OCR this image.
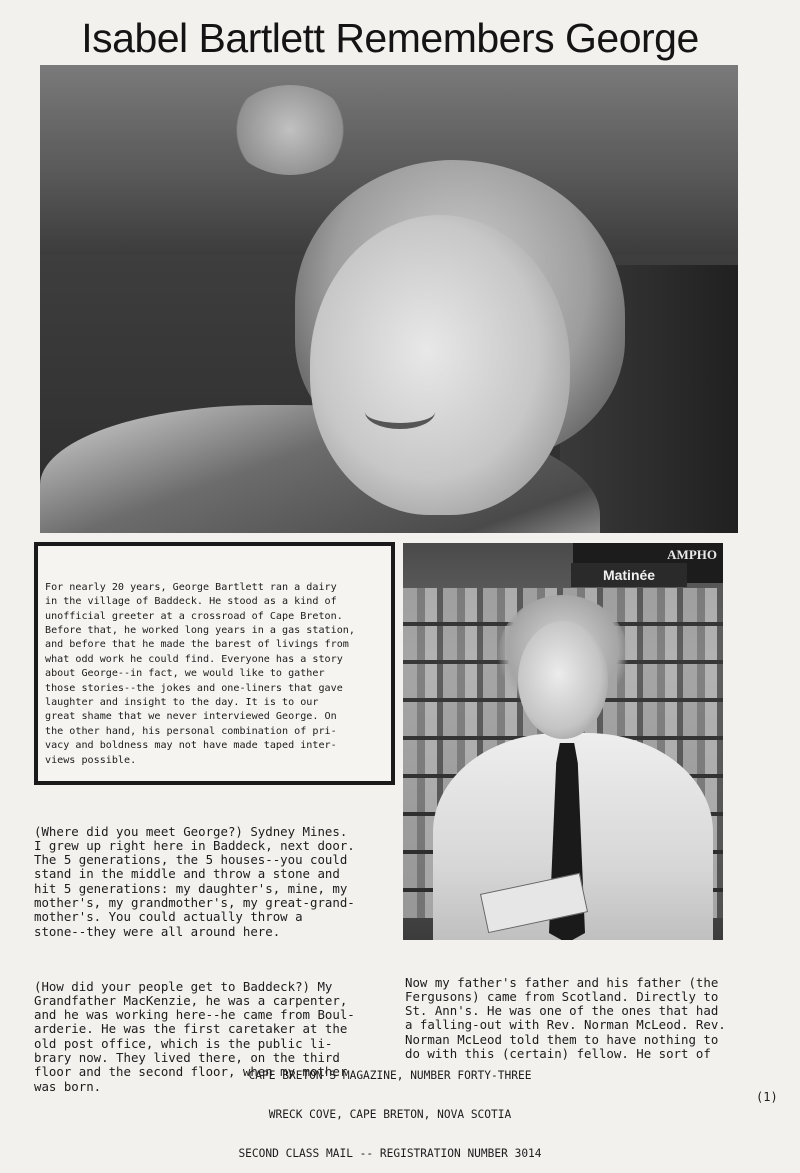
Isabel Bartlett Remembers George

For nearly 20 years, George Bartlett ran a dairy
in the village of Baddeck. He stood as a kind of
unofficial greeter at a crossroad of Cape Breton.
Before that, he worked long years in a gas station,
and before that he made the barest of livings from
what odd work he could find. Everyone has a story
about George--in fact, we would like to gather
those stories--the jokes and one-liners that gave
laughter and insight to the day. It is to our
great shame that we never interviewed George. On
the other hand, his personal combination of pri-
vacy and boldness may not have made taped inter-
views possible.

AMPHO
Matinée

(Where did you meet George?) Sydney Mines.
I grew up right here in Baddeck, next door.
The 5 generations, the 5 houses--you could
stand in the middle and throw a stone and
hit 5 generations: my daughter's, mine, my
mother's, my grandmother's, my great-grand-
mother's. You could actually throw a
stone--they were all around here.

(How did your people get to Baddeck?) My
Grandfather MacKenzie, he was a carpenter,
and he was working here--he came from Boul-
arderie. He was the first caretaker at the
old post office, which is the public li-
brary now. They lived there, on the third
floor and the second floor, when my mother
was born.

Now my father's father and his father (the
Fergusons) came from Scotland. Directly to
St. Ann's. He was one of the ones that had
a falling-out with Rev. Norman McLeod. Rev.
Norman McLeod told them to have nothing to
do with this (certain) fellow. He sort of

CAPE BRETON'S MAGAZINE, NUMBER FORTY-THREE

WRECK COVE, CAPE BRETON, NOVA SCOTIA

SECOND CLASS MAIL -- REGISTRATION NUMBER 3014

(1)
